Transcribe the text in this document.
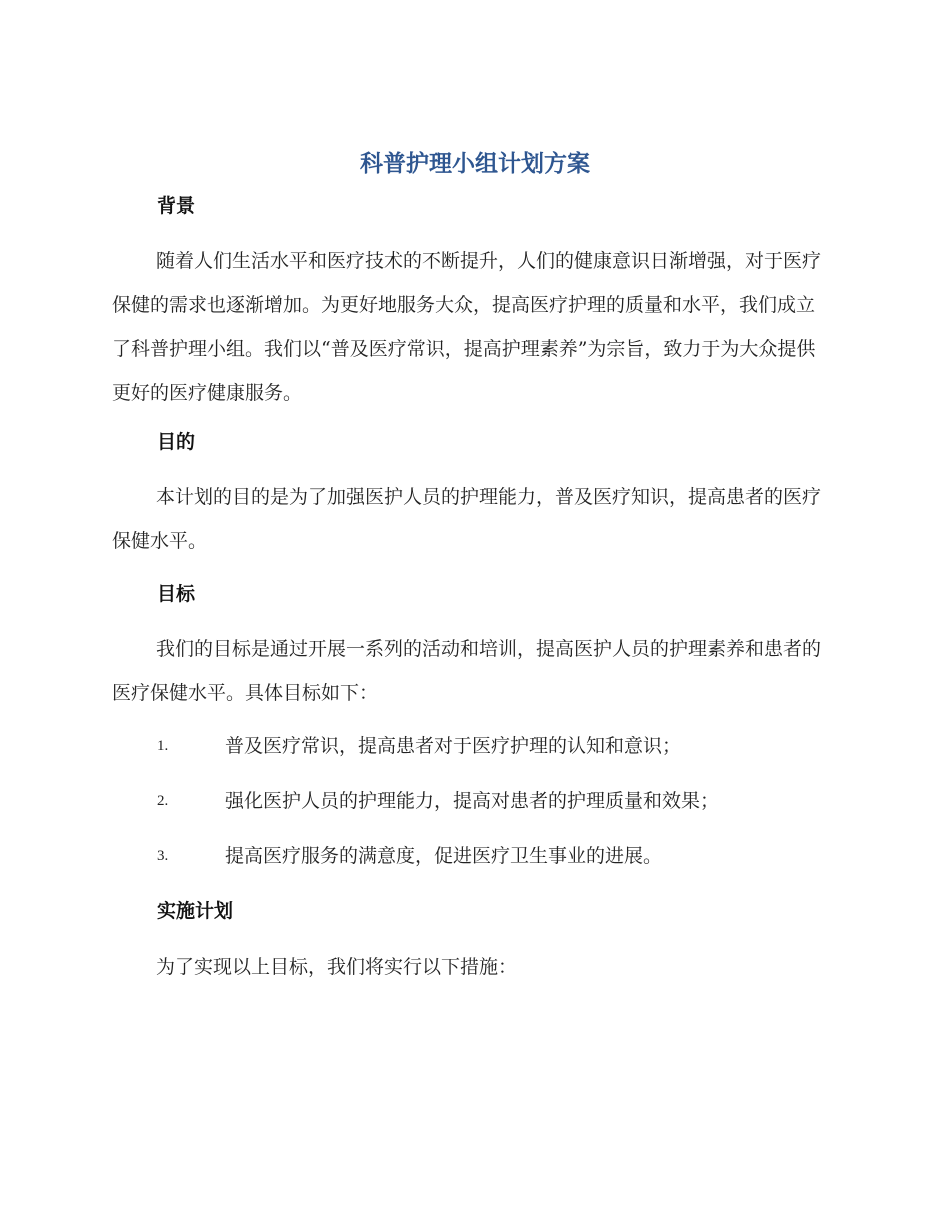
科普护理小组计划方案
背景

随着人们生活水平和医疗技术的不断提升，人们的健康意识日渐增强，对于医疗保健的需求也逐渐增加。为更好地服务大众，提高医疗护理的质量和水平，我们成立了科普护理小组。我们以“普及医疗常识，提高护理素养”为宗旨，致力于为大众提供更好的医疗健康服务。

目的

本计划的目的是为了加强医护人员的护理能力，普及医疗知识，提高患者的医疗保健水平。

目标

我们的目标是通过开展一系列的活动和培训，提高医护人员的护理素养和患者的医疗保健水平。具体目标如下：

1.	普及医疗常识，提高患者对于医疗护理的认知和意识；
2.	强化医护人员的护理能力，提高对患者的护理质量和效果；
3.	提高医疗服务的满意度，促进医疗卫生事业的进展。
实施计划

为了实现以上目标，我们将实行以下措施：
